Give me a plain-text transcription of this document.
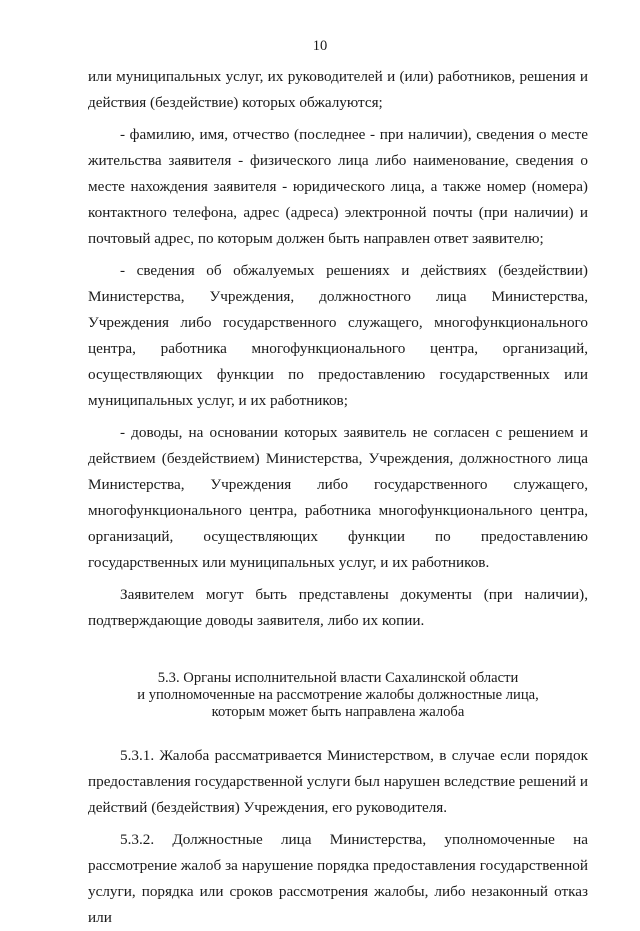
10

или муниципальных услуг, их руководителей и (или) работников, решения и действия (бездействие) которых обжалуются;

- фамилию, имя, отчество (последнее - при наличии), сведения о месте жительства заявителя - физического лица либо наименование, сведения о месте нахождения заявителя - юридического лица, а также номер (номера) контактного телефона, адрес (адреса) электронной почты (при наличии) и почтовый адрес, по которым должен быть направлен ответ заявителю;

- сведения об обжалуемых решениях и действиях (бездействии) Министерства, Учреждения, должностного лица Министерства, Учреждения либо государственного служащего, многофункционального центра, работника многофункционального центра, организаций, осуществляющих функции по предоставлению государственных или муниципальных услуг, и их работников;

- доводы, на основании которых заявитель не согласен с решением и действием (бездействием) Министерства, Учреждения, должностного лица Министерства, Учреждения либо государственного служащего, многофункционального центра, работника многофункционального центра, организаций, осуществляющих функции по предоставлению государственных или муниципальных услуг, и их работников.

Заявителем могут быть представлены документы (при наличии), подтверждающие доводы заявителя, либо их копии.

5.3. Органы исполнительной власти Сахалинской области
и уполномоченные на рассмотрение жалобы должностные лица,
которым может быть направлена жалоба

5.3.1. Жалоба рассматривается Министерством, в случае если порядок предоставления государственной услуги был нарушен вследствие решений и действий (бездействия) Учреждения, его руководителя.

5.3.2. Должностные лица Министерства, уполномоченные на рассмотрение жалоб за нарушение порядка предоставления государственной услуги, порядка или сроков рассмотрения жалобы, либо незаконный отказ или
